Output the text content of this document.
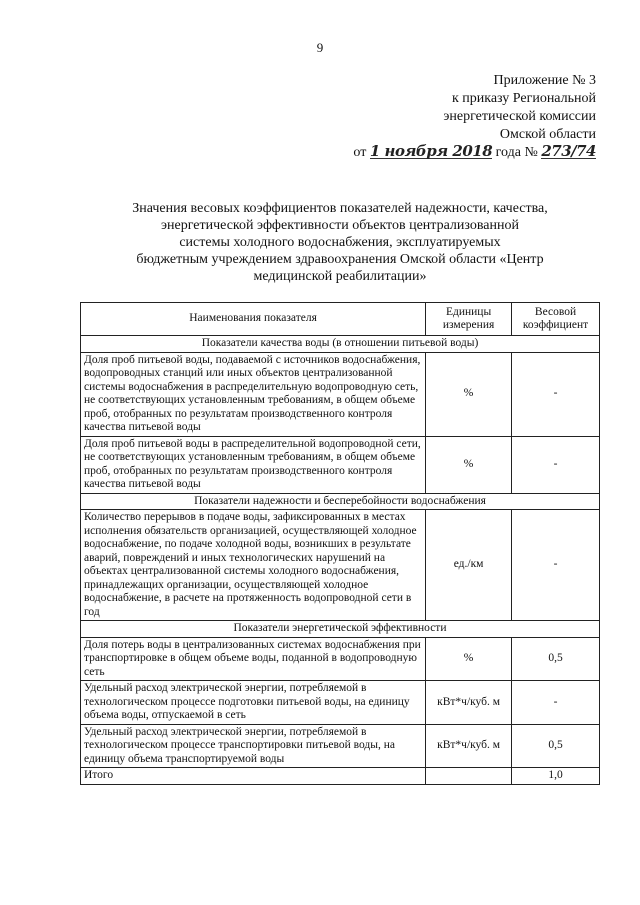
9
Приложение № 3
к приказу Региональной
энергетической комиссии
Омской области
от 1 ноября 2018 года № 273/74
Значения весовых коэффициентов показателей надежности, качества,
энергетической эффективности объектов централизованной
системы холодного водоснабжения, эксплуатируемых
бюджетным учреждением здравоохранения Омской области «Центр
медицинской реабилитации»
Наименования показателя	Единицы измерения	Весовой коэффициент
Показатели качества воды (в отношении питьевой воды)		
Доля проб питьевой воды, подаваемой с источников водоснабжения, водопроводных станций или иных объектов централизованной системы водоснабжения в распределительную водопроводную сеть, не соответствующих установленным требованиям, в общем объеме проб, отобранных по результатам производственного контроля качества питьевой воды	%	-
Доля проб питьевой воды в распределительной водопроводной сети, не соответствующих установленным требованиям, в общем объеме проб, отобранных по результатам производственного контроля качества питьевой воды	%	-
Показатели надежности и бесперебойности водоснабжения		
Количество перерывов в подаче воды, зафиксированных в местах исполнения обязательств организацией, осуществляющей холодное водоснабжение, по подаче холодной воды, возникших в результате аварий, повреждений и иных технологических нарушений на объектах централизованной системы холодного водоснабжения, принадлежащих организации, осуществляющей холодное водоснабжение, в расчете на протяженность водопроводной сети в год	ед./км	-
Показатели энергетической эффективности		
Доля потерь воды в централизованных системах водоснабжения при транспортировке в общем объеме воды, поданной в водопроводную сеть	%	0,5
Удельный расход электрической энергии, потребляемой в технологическом процессе подготовки питьевой воды, на единицу объема воды, отпускаемой в сеть	кВт*ч/куб. м	-
Удельный расход электрической энергии, потребляемой в технологическом процессе транспортировки питьевой воды, на единицу объема транспортируемой воды	кВт*ч/куб. м	0,5
Итого		1,0
